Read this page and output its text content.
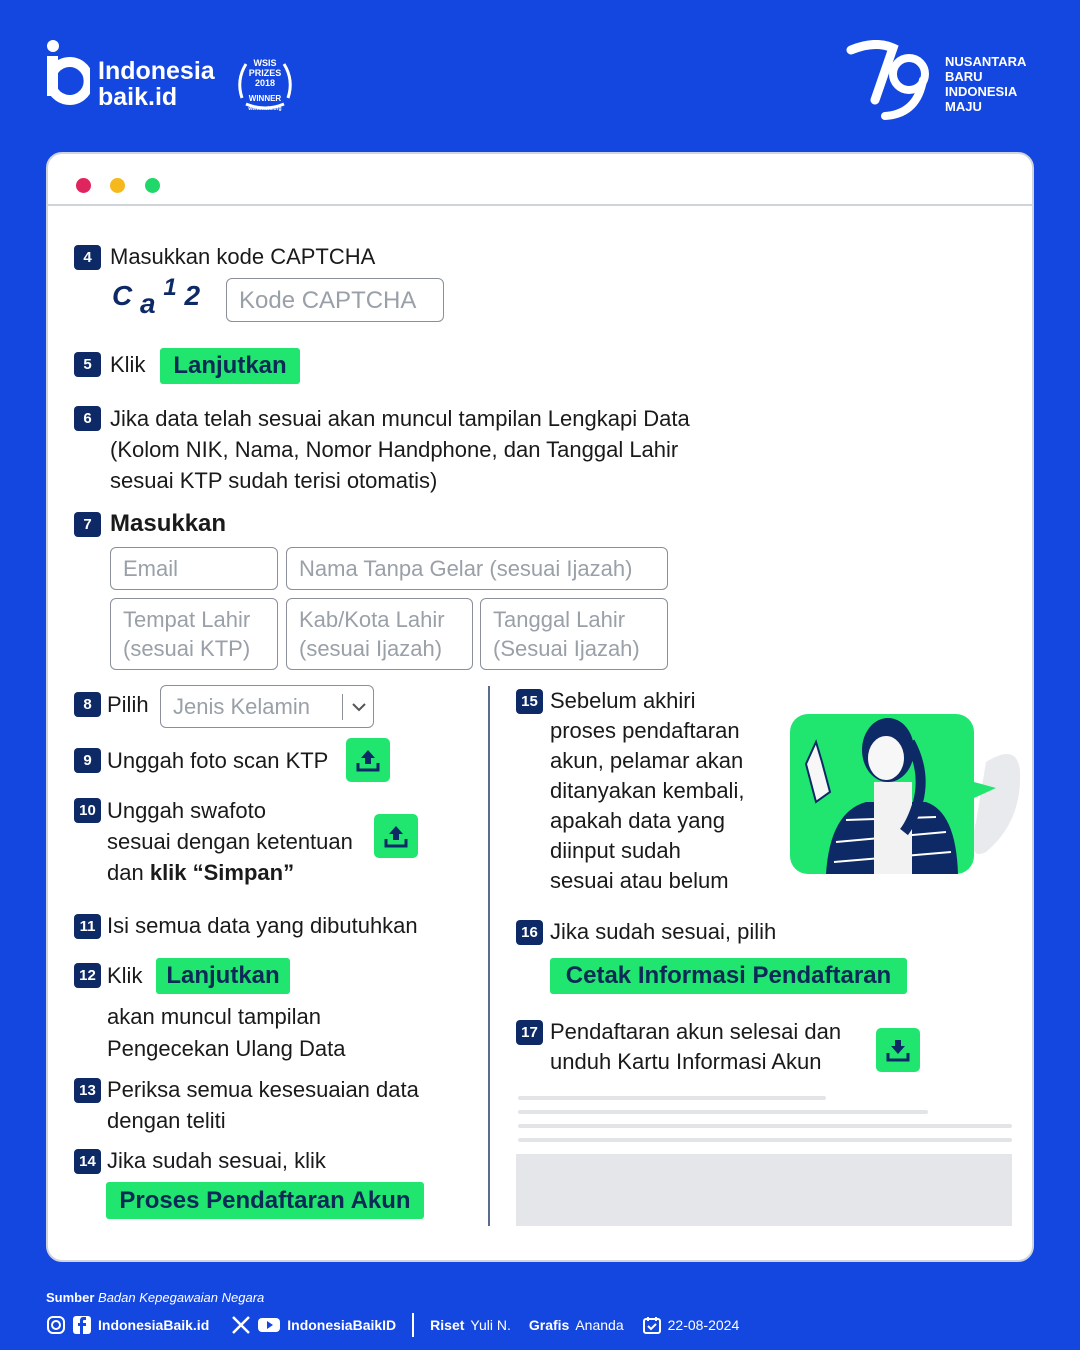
Indonesia
baik.id
WSIS
PRIZES
2018
WINNER
www.wsis.org
NUSANTARA
BARU
INDONESIA
MAJU
4 Masukkan kode CAPTCHA
C a 1 2	Kode CAPTCHA
5 Klik	Lanjutkan
6 Jika data telah sesuai akan muncul tampilan Lengkapi Data
(Kolom NIK, Nama, Nomor Handphone, dan Tanggal Lahir
sesuai KTP sudah terisi otomatis)
7 Masukkan
Email	Nama Tanpa Gelar (sesuai Ijazah)
Tempat Lahir
(sesuai KTP)
Kab/Kota Lahir
(sesuai Ijazah)
Tanggal Lahir
(Sesuai Ijazah)
8 Pilih Jenis Kelamin
9 Unggah foto scan KTP
10 Unggah swafoto
sesuai dengan ketentuan
dan klik “Simpan”
11 Isi semua data yang dibutuhkan
12 Klik Lanjutkan
akan muncul tampilan
Pengecekan Ulang Data
13 Periksa semua kesesuaian data
dengan teliti
14 Jika sudah sesuai, klik
Proses Pendaftaran Akun
15 Sebelum akhiri
proses pendaftaran
akun, pelamar akan
ditanyakan kembali,
apakah data yang
diinput sudah
sesuai atau belum
16 Jika sudah sesuai, pilih
Cetak Informasi Pendaftaran
17 Pendaftaran akun selesai dan
unduh Kartu Informasi Akun
Sumber Badan Kepegawaian Negara
IndonesiaBaik.id	IndonesiaBaikID Riset Yuli N. Grafis Ananda	22-08-2024
